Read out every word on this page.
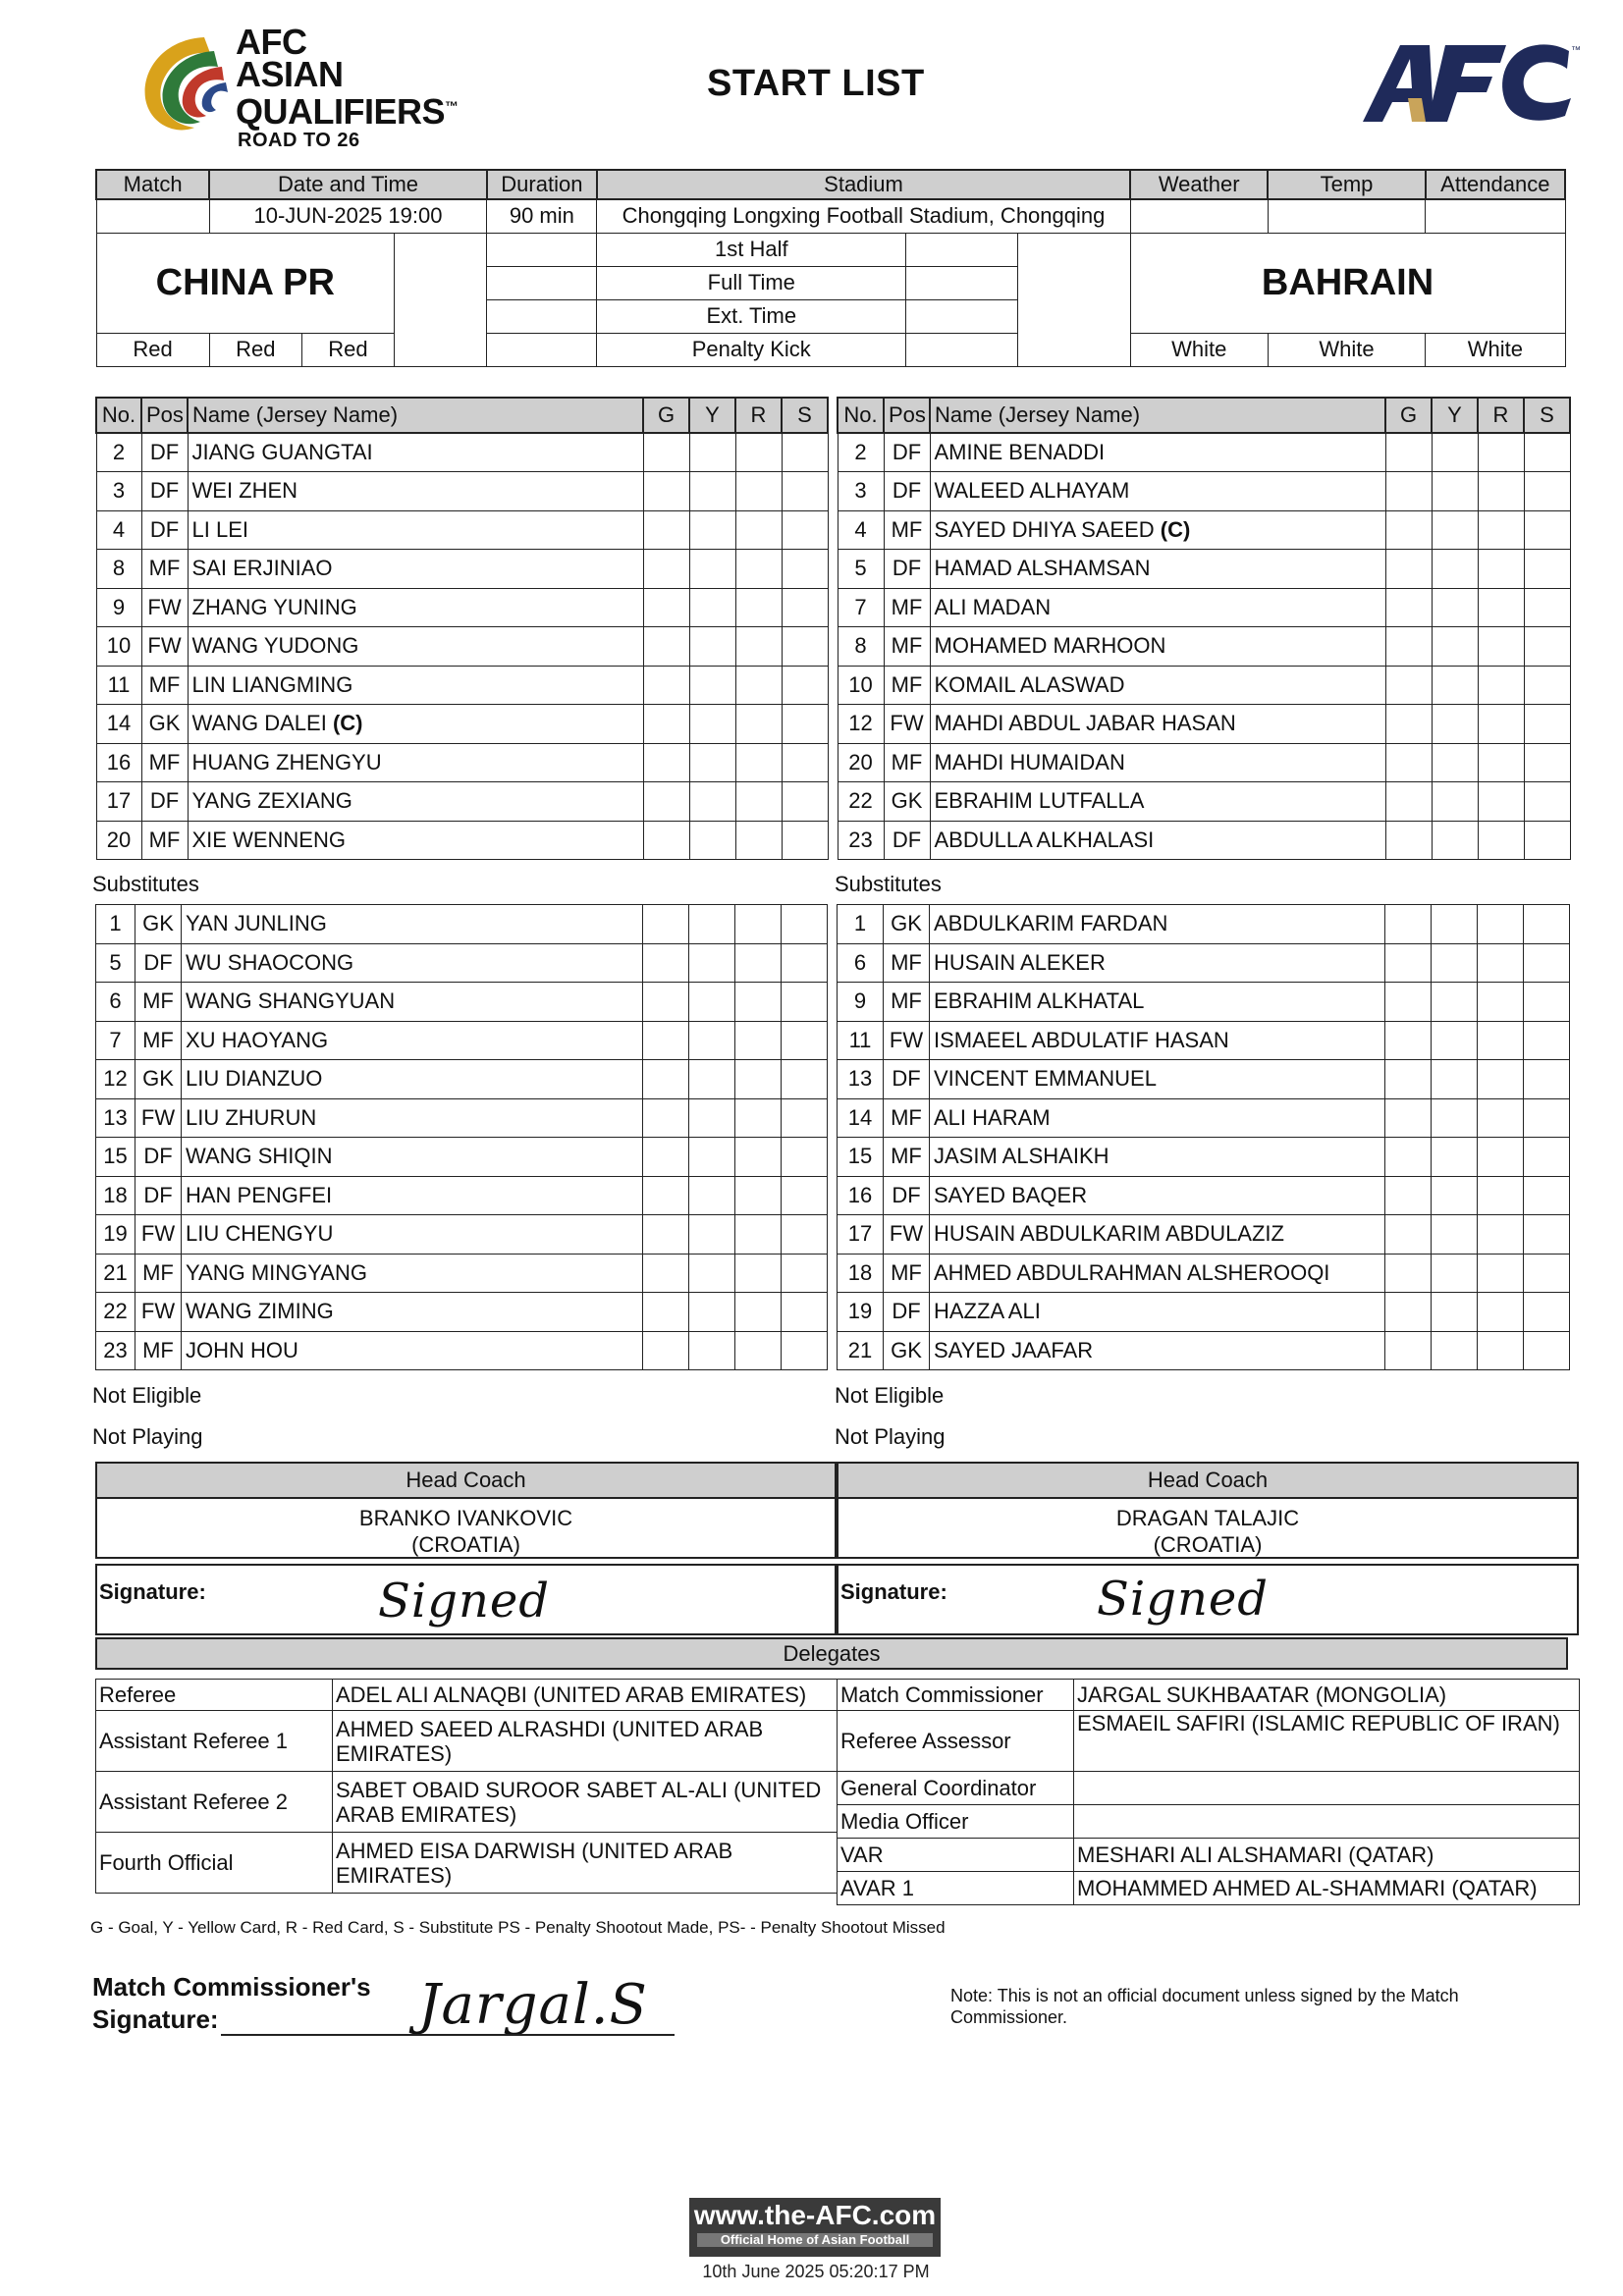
AFC
ASIAN
QUALIFIERS™
ROAD TO 26
START LIST
™
Match	Date and Time			Duration	Stadium			Weather	Temp	Attendance
	10-JUN-2025 19:00			90 min	Chongqing Longxing Football Stadium, Chongqing					
CHINA PR					1st Half			BAHRAIN		
					Full Time					
					Ext. Time					
Red	Red	Red			Penalty Kick			White	White	White
No.	Pos	Name (Jersey Name)	G	Y	R	S
2	DF	JIANG GUANGTAI				
3	DF	WEI ZHEN				
4	DF	LI LEI				
8	MF	SAI ERJINIAO				
9	FW	ZHANG YUNING				
10	FW	WANG YUDONG				
11	MF	LIN LIANGMING				
14	GK	WANG DALEI (C)				
16	MF	HUANG ZHENGYU				
17	DF	YANG ZEXIANG				
20	MF	XIE WENNENG				
No.	Pos	Name (Jersey Name)	G	Y	R	S
2	DF	AMINE BENADDI				
3	DF	WALEED ALHAYAM				
4	MF	SAYED DHIYA SAEED (C)				
5	DF	HAMAD ALSHAMSAN				
7	MF	ALI MADAN				
8	MF	MOHAMED MARHOON				
10	MF	KOMAIL ALASWAD				
12	FW	MAHDI ABDUL JABAR HASAN				
20	MF	MAHDI HUMAIDAN				
22	GK	EBRAHIM LUTFALLA				
23	DF	ABDULLA ALKHALASI				
Substitutes	Substitutes
1	GK	YAN JUNLING				
5	DF	WU SHAOCONG				
6	MF	WANG SHANGYUAN				
7	MF	XU HAOYANG				
12	GK	LIU DIANZUO				
13	FW	LIU ZHURUN				
15	DF	WANG SHIQIN				
18	DF	HAN PENGFEI				
19	FW	LIU CHENGYU				
21	MF	YANG MINGYANG				
22	FW	WANG ZIMING				
23	MF	JOHN HOU				
1	GK	ABDULKARIM FARDAN				
6	MF	HUSAIN ALEKER				
9	MF	EBRAHIM ALKHATAL				
11	FW	ISMAEEL ABDULATIF HASAN				
13	DF	VINCENT EMMANUEL				
14	MF	ALI HARAM				
15	MF	JASIM ALSHAIKH				
16	DF	SAYED BAQER				
17	FW	HUSAIN ABDULKARIM ABDULAZIZ				
18	MF	AHMED ABDULRAHMAN ALSHEROOQI				
19	DF	HAZZA ALI				
21	GK	SAYED JAAFAR				
Not Eligible	Not Eligible
Not Playing	Not Playing
Head Coach
BRANKO IVANKOVIC
(CROATIA)
Head Coach
DRAGAN TALAJIC
(CROATIA)
Signature:	Signed	Signature:	Signed
Delegates
Referee	ADEL ALI ALNAQBI (UNITED ARAB EMIRATES)
Assistant Referee 1	AHMED SAEED ALRASHDI (UNITED ARAB EMIRATES)
Assistant Referee 2	SABET OBAID SUROOR SABET AL-ALI (UNITED ARAB EMIRATES)
Fourth Official	AHMED EISA DARWISH (UNITED ARAB EMIRATES)
Match Commissioner	JARGAL SUKHBAATAR (MONGOLIA)
Referee Assessor	ESMAEIL SAFIRI (ISLAMIC REPUBLIC OF IRAN)
General Coordinator	
Media Officer	
VAR	MESHARI ALI ALSHAMARI (QATAR)
AVAR 1	MOHAMMED AHMED AL-SHAMMARI (QATAR)
G - Goal, Y - Yellow Card, R - Red Card, S - Substitute PS - Penalty Shootout Made, PS- - Penalty Shootout Missed
Match Commissioner's
Signature:	Jargal.S	Note: This is not an official document unless signed by the Match Commissioner.
www.the-AFC.com
Official Home of Asian Football
10th June 2025 05:20:17 PM
